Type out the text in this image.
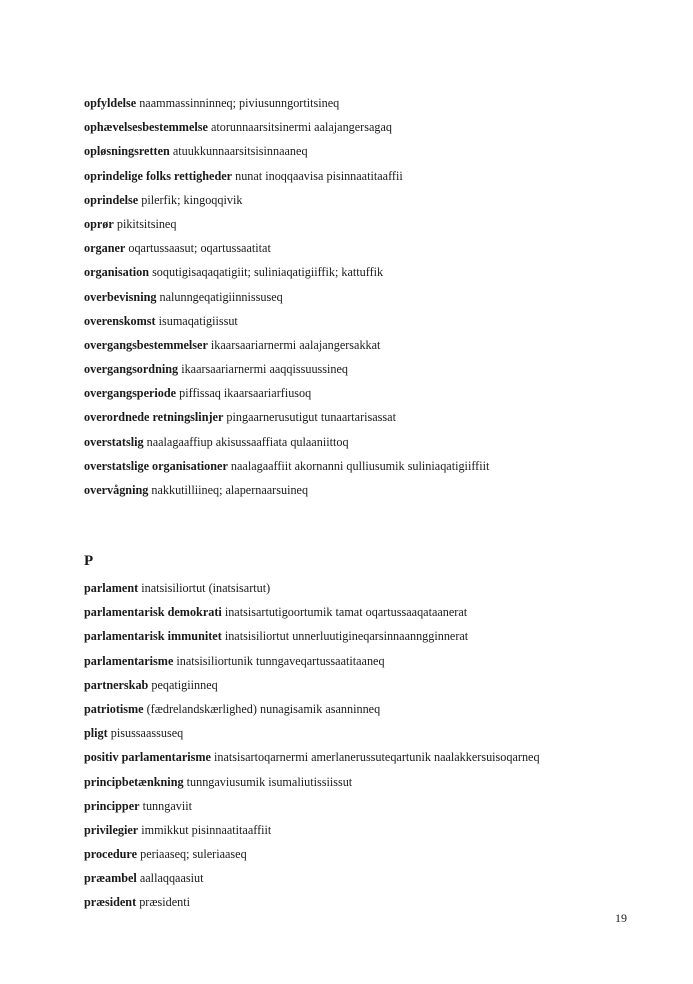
opfyldelse naammassinninneq; piviusunngortitsineq
ophævelsesbestemmelse atorunnaarsitsinermi aalajangersagaq
opløsningsretten atuukkunnaarsitsisinnaaneq
oprindelige folks rettigheder nunat inoqqaavisa pisinnaatitaaffii
oprindelse pilerfik; kingoqqivik
oprør pikitsitsineq
organer oqartussaasut; oqartussaatitat
organisation soqutigisaqaqatigiit; suliniaqatigiiffik; kattuffik
overbevisning nalunngeqatigiinnissuseq
overenskomst isumaqatigiissut
overgangsbestemmelser ikaarsaariarnermi aalajangersakkat
overgangsordning ikaarsaariarnermi aaqqissuussineq
overgangsperiode piffissaq ikaarsaariarfiusoq
overordnede retningslinjer pingaarnerusutigut tunaartarisassat
overstatslig naalagaaffiup akisussaaffiata qulaaniittoq
overstatslige organisationer naalagaaffiit akornanni qulliusumik suliniaqatigiiffiit
overvågning nakkutilliineq; alapernaarsuineq
P
parlament inatsisiliortut (inatsisartut)
parlamentarisk demokrati inatsisartutigoortumik tamat oqartussaaqataanerat
parlamentarisk immunitet inatsisiliortut unnerluutigineqarsinnaanngginnerat
parlamentarisme inatsisiliortunik tunngaveqartussaatitaaneq
partnerskab peqatigiinneq
patriotisme (fædrelandskærlighed) nunagisamik asanninneq
pligt pisussaassuseq
positiv parlamentarisme inatsisartoqarnermi amerlanerussuteqartunik naalakkersuisoqarneq
principbetænkning tunngaviusumik isumaliutissiissut
principper tunngaviit
privilegier immikkut pisinnaatitaaffiit
procedure periaaseq; suleriaaseq
præambel aallaqqaasiut
præsident præsidenti
19
